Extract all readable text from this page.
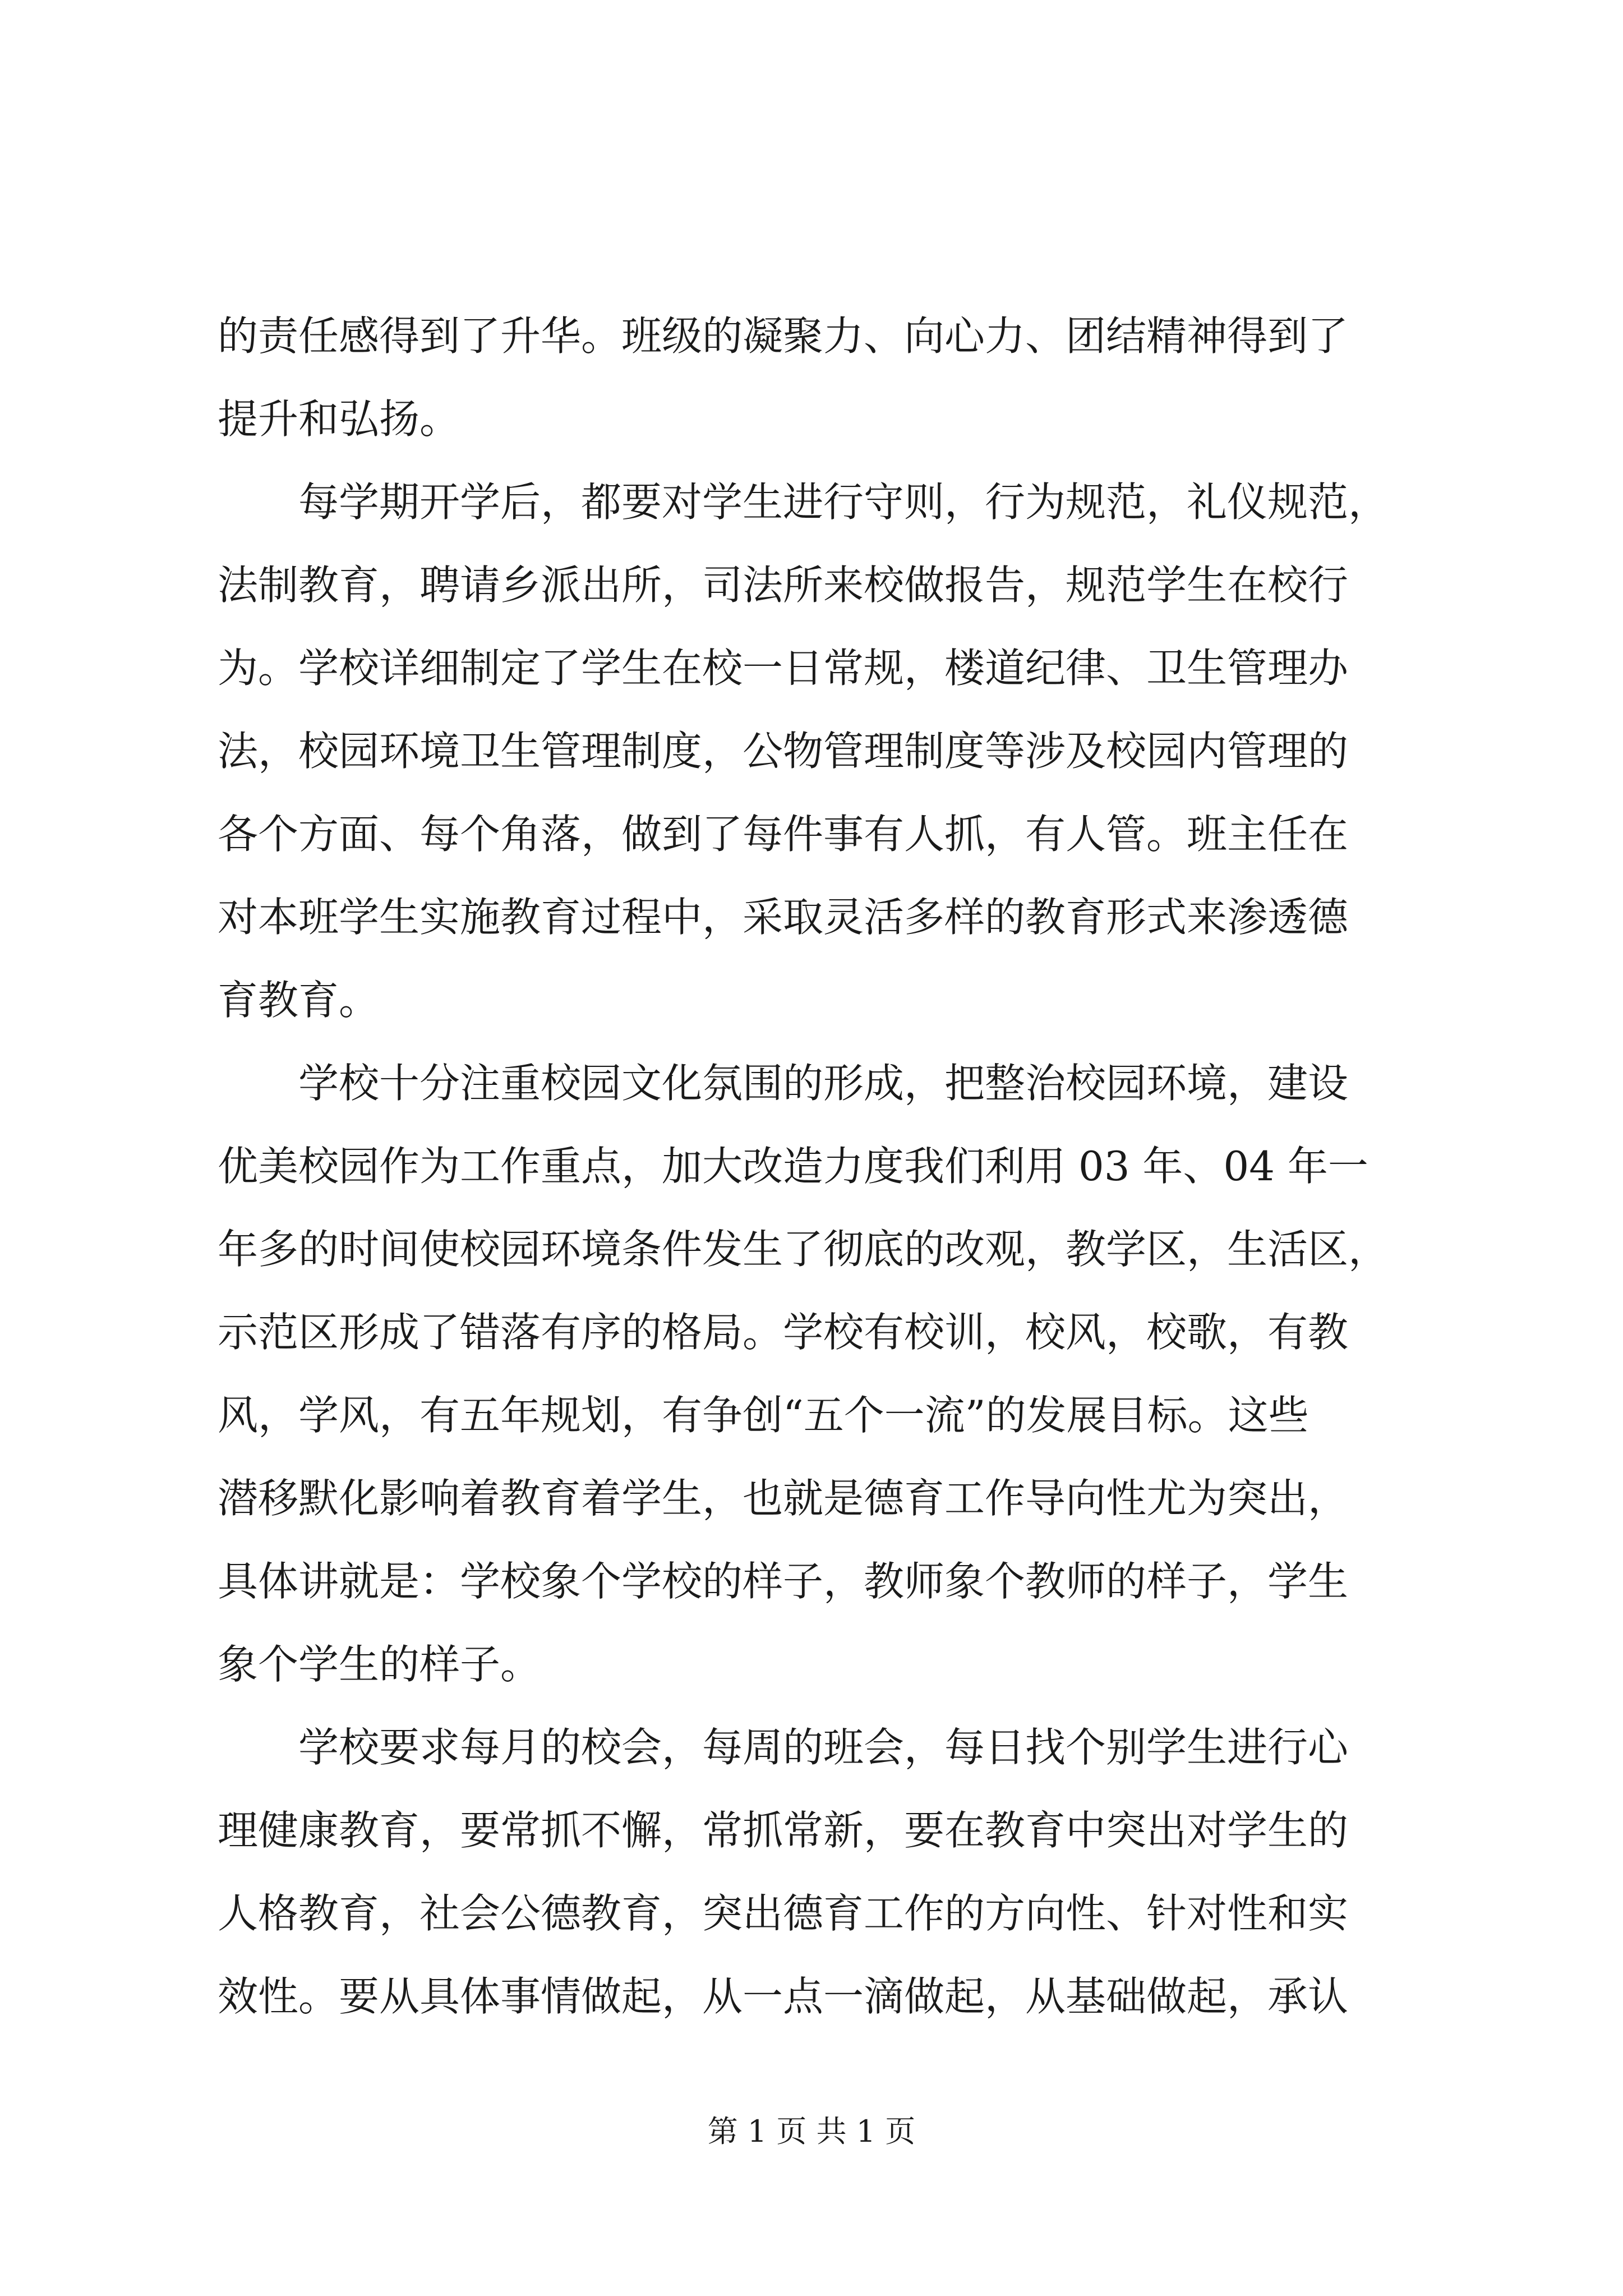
的责任感得到了升华。班级的凝聚力、向心力、团结精神得到了
提升和弘扬。

每学期开学后，都要对学生进行守则，行为规范，礼仪规范，
法制教育，聘请乡派出所，司法所来校做报告，规范学生在校行
为。学校详细制定了学生在校一日常规，楼道纪律、卫生管理办
法，校园环境卫生管理制度，公物管理制度等涉及校园内管理的
各个方面、每个角落，做到了每件事有人抓，有人管。班主任在
对本班学生实施教育过程中，采取灵活多样的教育形式来渗透德
育教育。

学校十分注重校园文化氛围的形成，把整治校园环境，建设
优美校园作为工作重点，加大改造力度我们利用 03 年、04 年一
年多的时间使校园环境条件发生了彻底的改观，教学区，生活区，
示范区形成了错落有序的格局。学校有校训，校风，校歌，有教
风，学风，有五年规划，有争创“五个一流”的发展目标。这些
潜移默化影响着教育着学生，也就是德育工作导向性尤为突出，
具体讲就是：学校象个学校的样子，教师象个教师的样子，学生
象个学生的样子。

学校要求每月的校会，每周的班会，每日找个别学生进行心
理健康教育，要常抓不懈，常抓常新，要在教育中突出对学生的
人格教育，社会公德教育，突出德育工作的方向性、针对性和实
效性。要从具体事情做起，从一点一滴做起，从基础做起，承认

第 1 页 共 1 页
